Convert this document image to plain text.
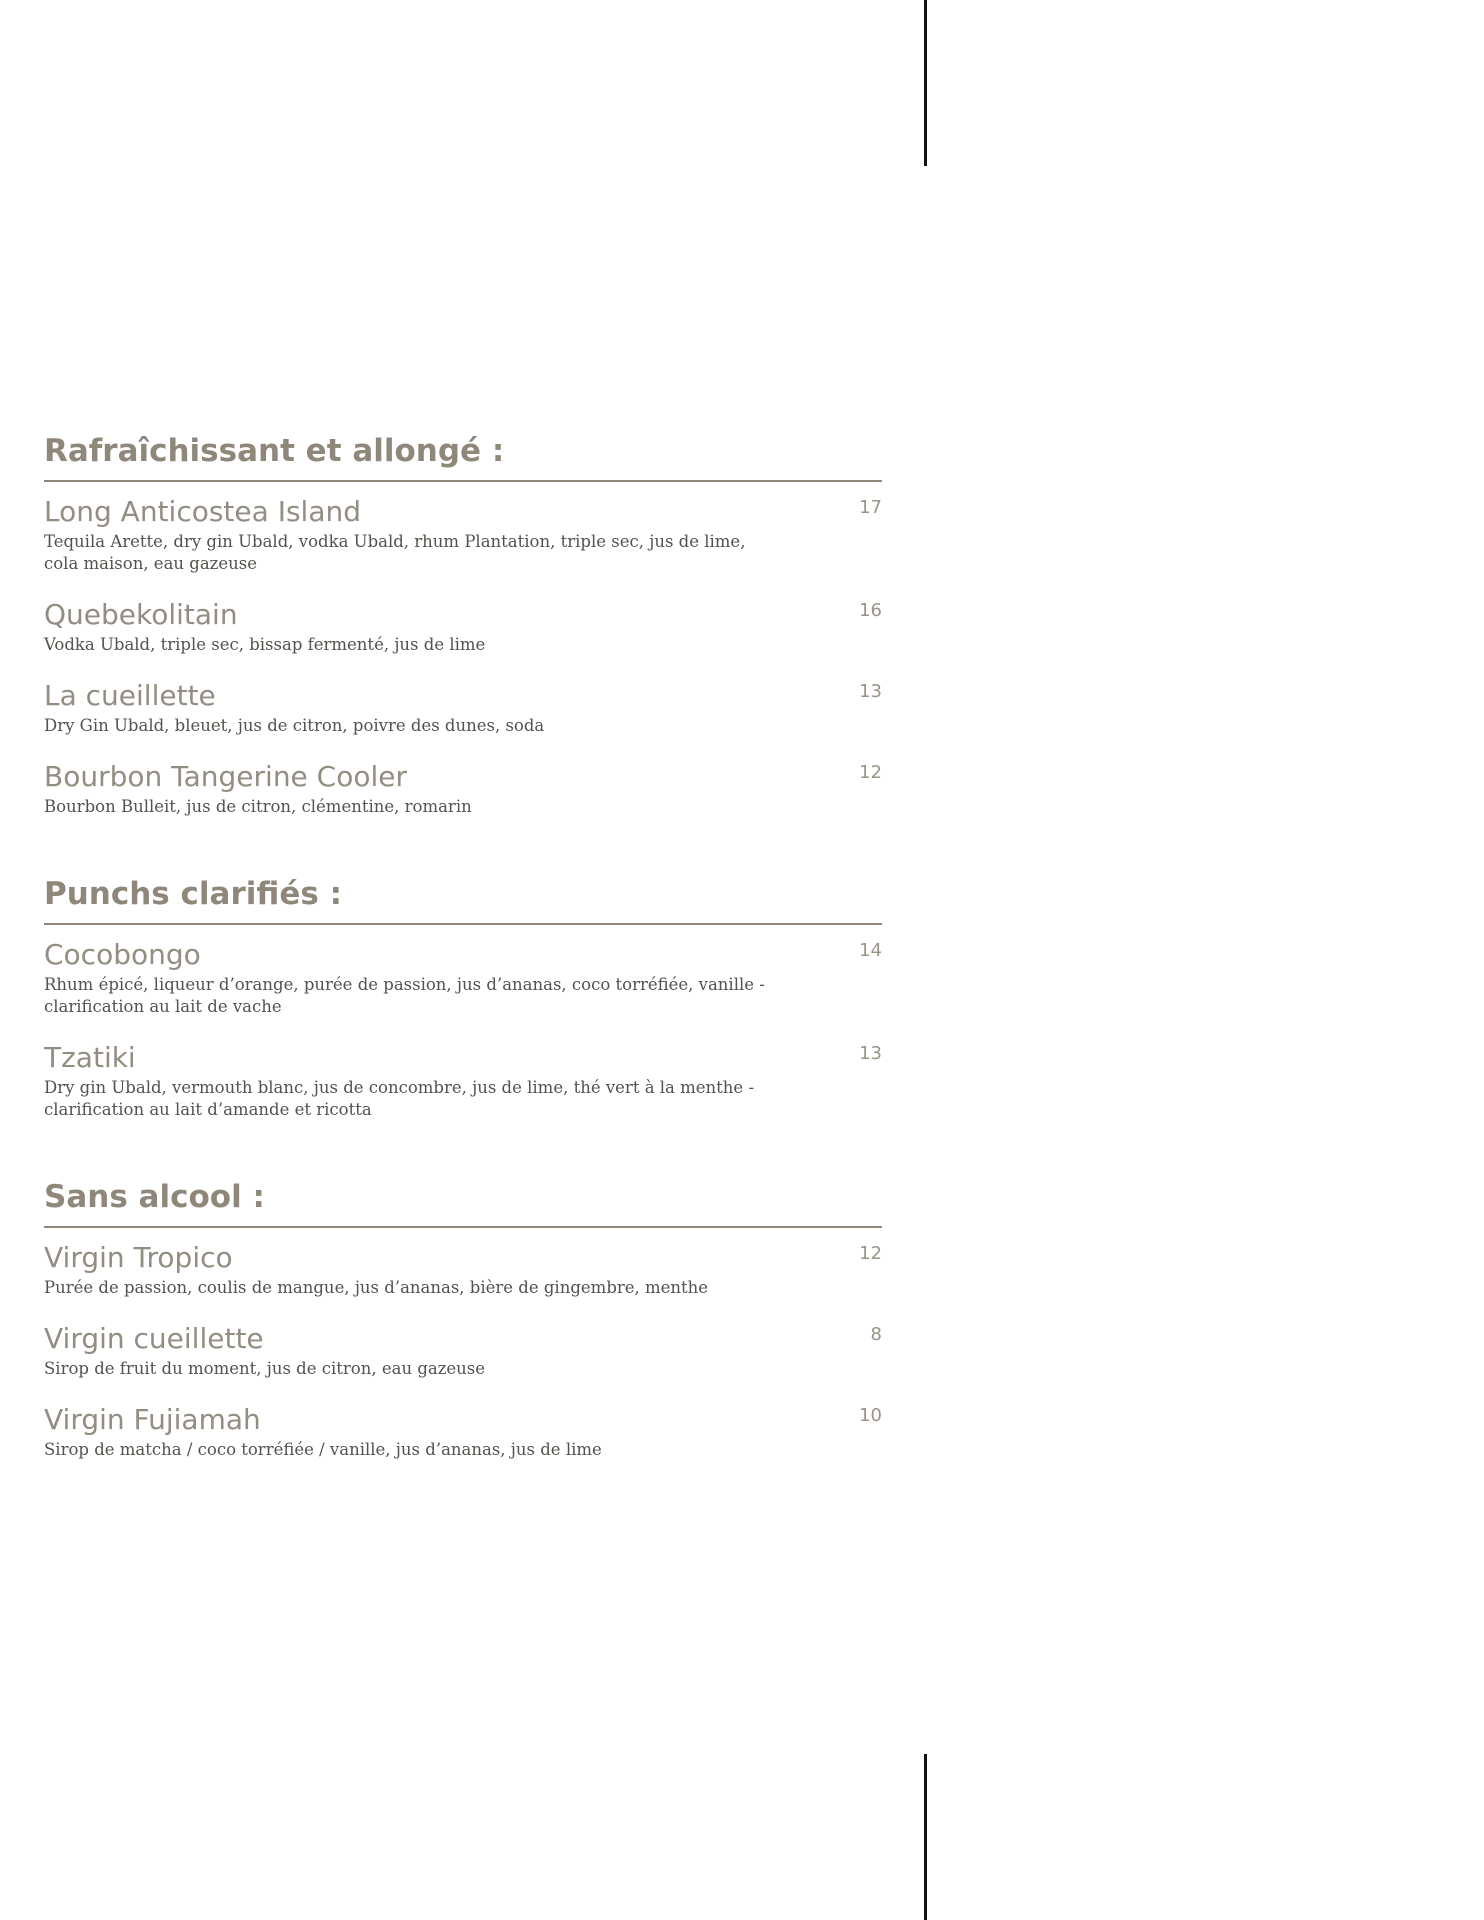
Rafraîchissant et allongé :
Long Anticostea Island	17
Tequila Arette, dry gin Ubald, vodka Ubald, rhum Plantation, triple sec, jus de lime, cola maison, eau gazeuse
Quebekolitain	16
Vodka Ubald, triple sec, bissap fermenté, jus de lime
La cueillette	13
Dry Gin Ubald, bleuet, jus de citron, poivre des dunes, soda
Bourbon Tangerine Cooler	12
Bourbon Bulleit, jus de citron, clémentine, romarin
Punchs clarifiés :
Cocobongo	14
Rhum épicé, liqueur d’orange, purée de passion, jus d’ananas, coco torréfiée, vanille - clarification au lait de vache
Tzatiki	13
Dry gin Ubald, vermouth blanc, jus de concombre, jus de lime, thé vert à la menthe - clarification au lait d’amande et ricotta
Sans alcool :
Virgin Tropico	12
Purée de passion, coulis de mangue, jus d’ananas, bière de gingembre, menthe
Virgin cueillette	8
Sirop de fruit du moment, jus de citron, eau gazeuse
Virgin Fujiamah	10
Sirop de matcha / coco torréfiée / vanille, jus d’ananas, jus de lime
